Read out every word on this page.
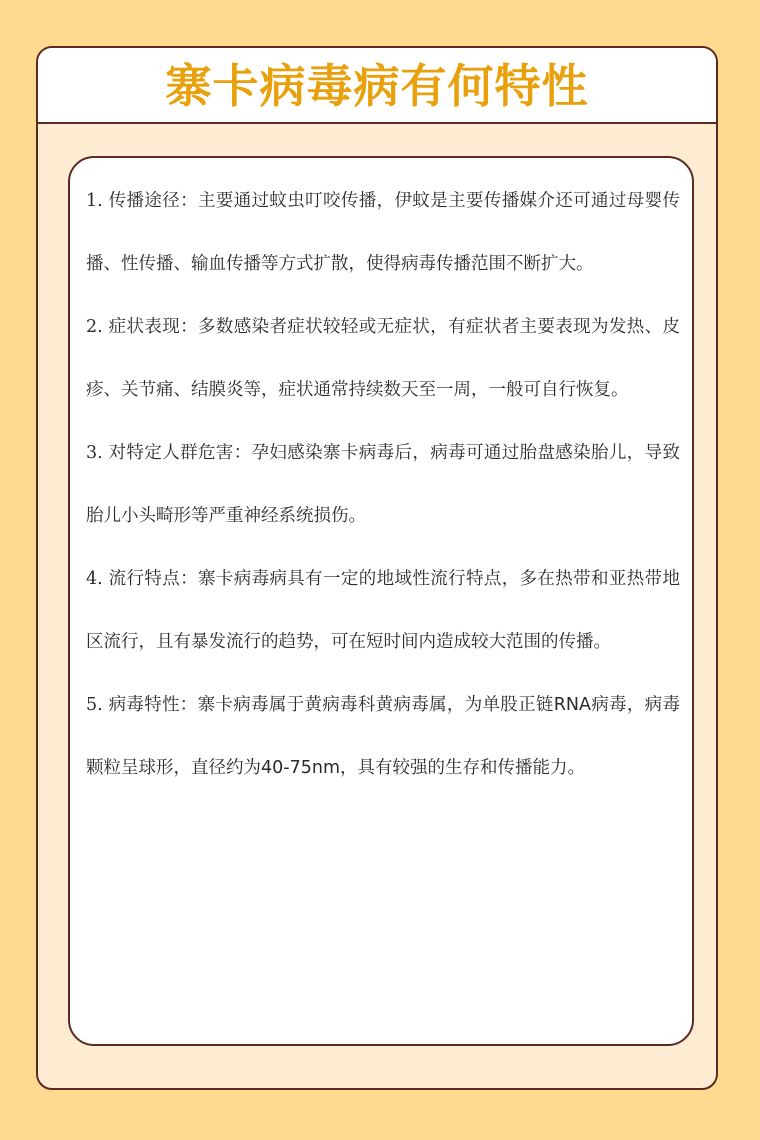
寨卡病毒病有何特性

1. 传播途径：主要通过蚊虫叮咬传播，伊蚊是主要传播媒介还可通过母婴传播、性传播、输血传播等方式扩散，使得病毒传播范围不断扩大。

2. 症状表现：多数感染者症状较轻或无症状，有症状者主要表现为发热、皮疹、关节痛、结膜炎等，症状通常持续数天至一周，一般可自行恢复。

3. 对特定人群危害：孕妇感染寨卡病毒后，病毒可通过胎盘感染胎儿，导致胎儿小头畸形等严重神经系统损伤。

4. 流行特点：寨卡病毒病具有一定的地域性流行特点，多在热带和亚热带地区流行，且有暴发流行的趋势，可在短时间内造成较大范围的传播。

5. 病毒特性：寨卡病毒属于黄病毒科黄病毒属，为单股正链RNA病毒，病毒颗粒呈球形，直径约为40-75nm，具有较强的生存和传播能力。
